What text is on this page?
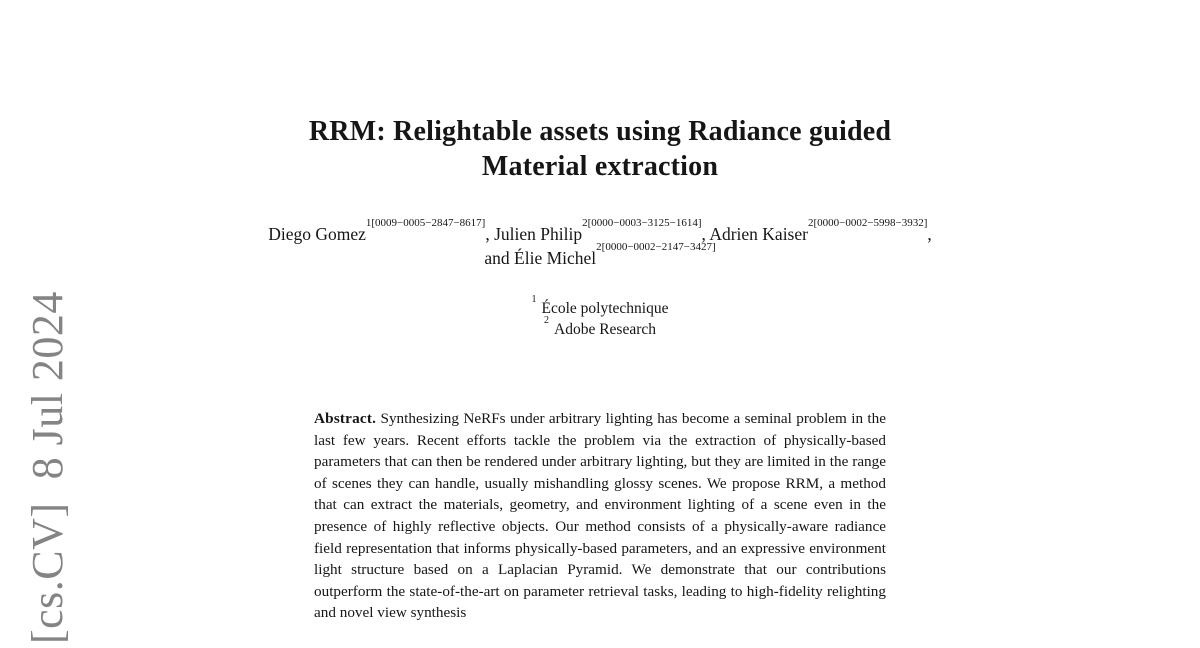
[cs.CV]  8 Jul 2024
RRM: Relightable assets using Radiance guided Material extraction

Diego Gomez$^{1[0009-0005-2847-8617]}$, Julien Philip$^{2[0000-0003-3125-1614]}$, Adrien Kaiser$^{2[0000-0002-5998-3932]}$, and Élie Michel$^{2[0000-0002-2147-3427]}$

$^1$École polytechnique
$^2$Adobe Research

Abstract. Synthesizing NeRFs under arbitrary lighting has become a seminal problem in the last few years. Recent efforts tackle the problem via the extraction of physically-based parameters that can then be rendered under arbitrary lighting, but they are limited in the range of scenes they can handle, usually mishandling glossy scenes. We propose RRM, a method that can extract the materials, geometry, and environment lighting of a scene even in the presence of highly reflective objects. Our method consists of a physically-aware radiance field representation that informs physically-based parameters, and an expressive environment light structure based on a Laplacian Pyramid. We demonstrate that our contributions outperform the state-of-the-art on parameter retrieval tasks, leading to high-fidelity relighting and novel view synthesis
